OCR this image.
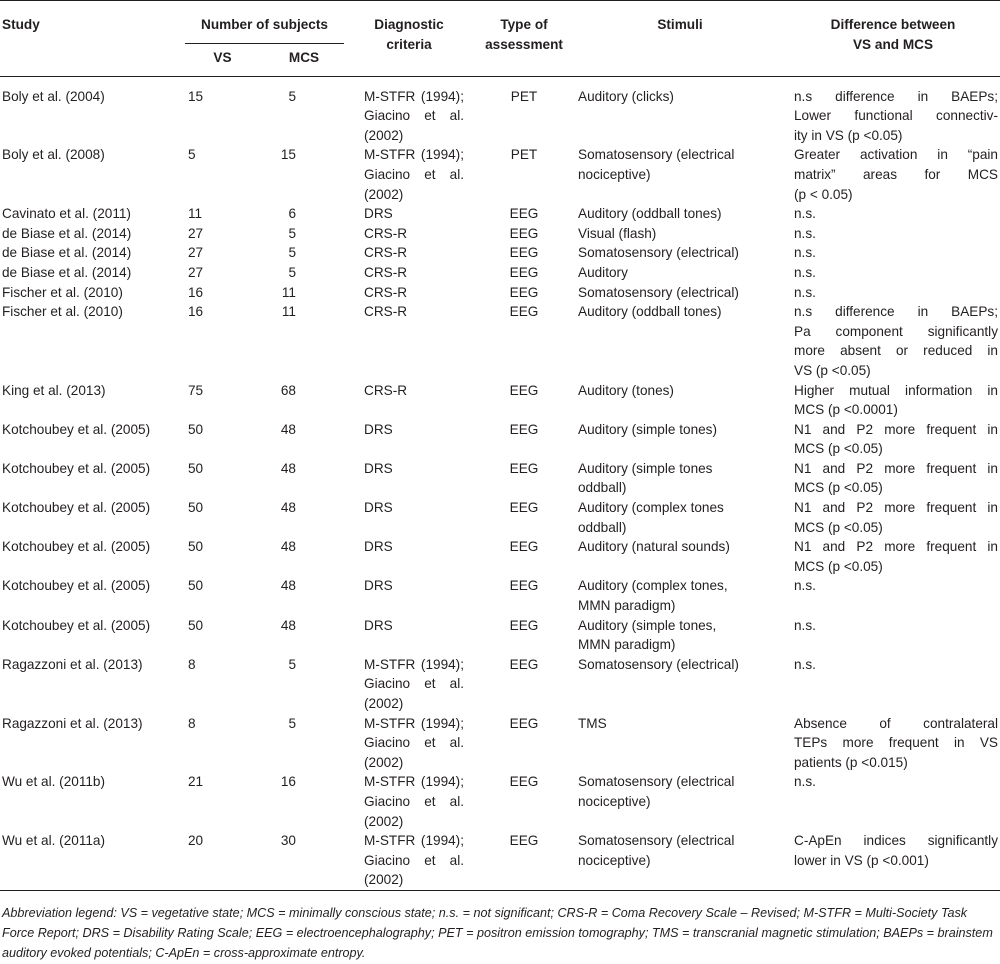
Study	Number of subjects		Diagnostic
criteria	Type of
assessment	Stimuli	Difference between
VS and MCS

	VS	MCS				
Boly et al. (2004)	15	5	M-STFR (1994);
Giacino et al.
(2002)	PET	Auditory (clicks)	n.s difference in BAEPs;
Lower functional connectiv-
ity in VS (p <0.05)

Boly et al. (2008)	5	15	M-STFR (1994);
Giacino et al.
(2002)	PET	Somatosensory (electrical
nociceptive)	Greater activation in “pain
matrix” areas for MCS
(p < 0.05)

Cavinato et al. (2011)	11	6	DRS	EEG	Auditory (oddball tones)	n.s.

de Biase et al. (2014)	27	5	CRS-R	EEG	Visual (flash)	n.s.

de Biase et al. (2014)	27	5	CRS-R	EEG	Somatosensory (electrical)	n.s.

de Biase et al. (2014)	27	5	CRS-R	EEG	Auditory	n.s.

Fischer et al. (2010)	16	11	CRS-R	EEG	Somatosensory (electrical)	n.s.

Fischer et al. (2010)	16	11	CRS-R	EEG	Auditory (oddball tones)	n.s difference in BAEPs;
Pa component significantly
more absent or reduced in
VS (p <0.05)

King et al. (2013)	75	68	CRS-R	EEG	Auditory (tones)	Higher mutual information in
MCS (p <0.0001)

Kotchoubey et al. (2005)	50	48	DRS	EEG	Auditory (simple tones)	N1 and P2 more frequent in
MCS (p <0.05)

Kotchoubey et al. (2005)	50	48	DRS	EEG	Auditory (simple tones
oddball)	N1 and P2 more frequent in
MCS (p <0.05)

Kotchoubey et al. (2005)	50	48	DRS	EEG	Auditory (complex tones
oddball)	N1 and P2 more frequent in
MCS (p <0.05)

Kotchoubey et al. (2005)	50	48	DRS	EEG	Auditory (natural sounds)	N1 and P2 more frequent in
MCS (p <0.05)

Kotchoubey et al. (2005)	50	48	DRS	EEG	Auditory (complex tones,
MMN paradigm)	n.s.

Kotchoubey et al. (2005)	50	48	DRS	EEG	Auditory (simple tones,
MMN paradigm)	n.s.

Ragazzoni et al. (2013)	8	5	M-STFR (1994);
Giacino et al.
(2002)	EEG	Somatosensory (electrical)	n.s.

Ragazzoni et al. (2013)	8	5	M-STFR (1994);
Giacino et al.
(2002)	EEG	TMS	Absence of contralateral
TEPs more frequent in VS
patients (p <0.015)

Wu et al. (2011b)	21	16	M-STFR (1994);
Giacino et al.
(2002)	EEG	Somatosensory (electrical
nociceptive)	n.s.

Wu et al. (2011a)	20	30	M-STFR (1994);
Giacino et al.
(2002)	EEG	Somatosensory (electrical
nociceptive)	C-ApEn indices significantly
lower in VS (p <0.001)

Abbreviation legend: VS = vegetative state; MCS = minimally conscious state; n.s. = not significant; CRS-R = Coma Recovery Scale – Revised; M-STFR = Multi-Society Task Force Report; DRS = Disability Rating Scale; EEG = electroencephalography; PET = positron emission tomography; TMS = transcranial magnetic stimulation; BAEPs = brainstem auditory evoked potentials; C-ApEn = cross-approximate entropy.						
